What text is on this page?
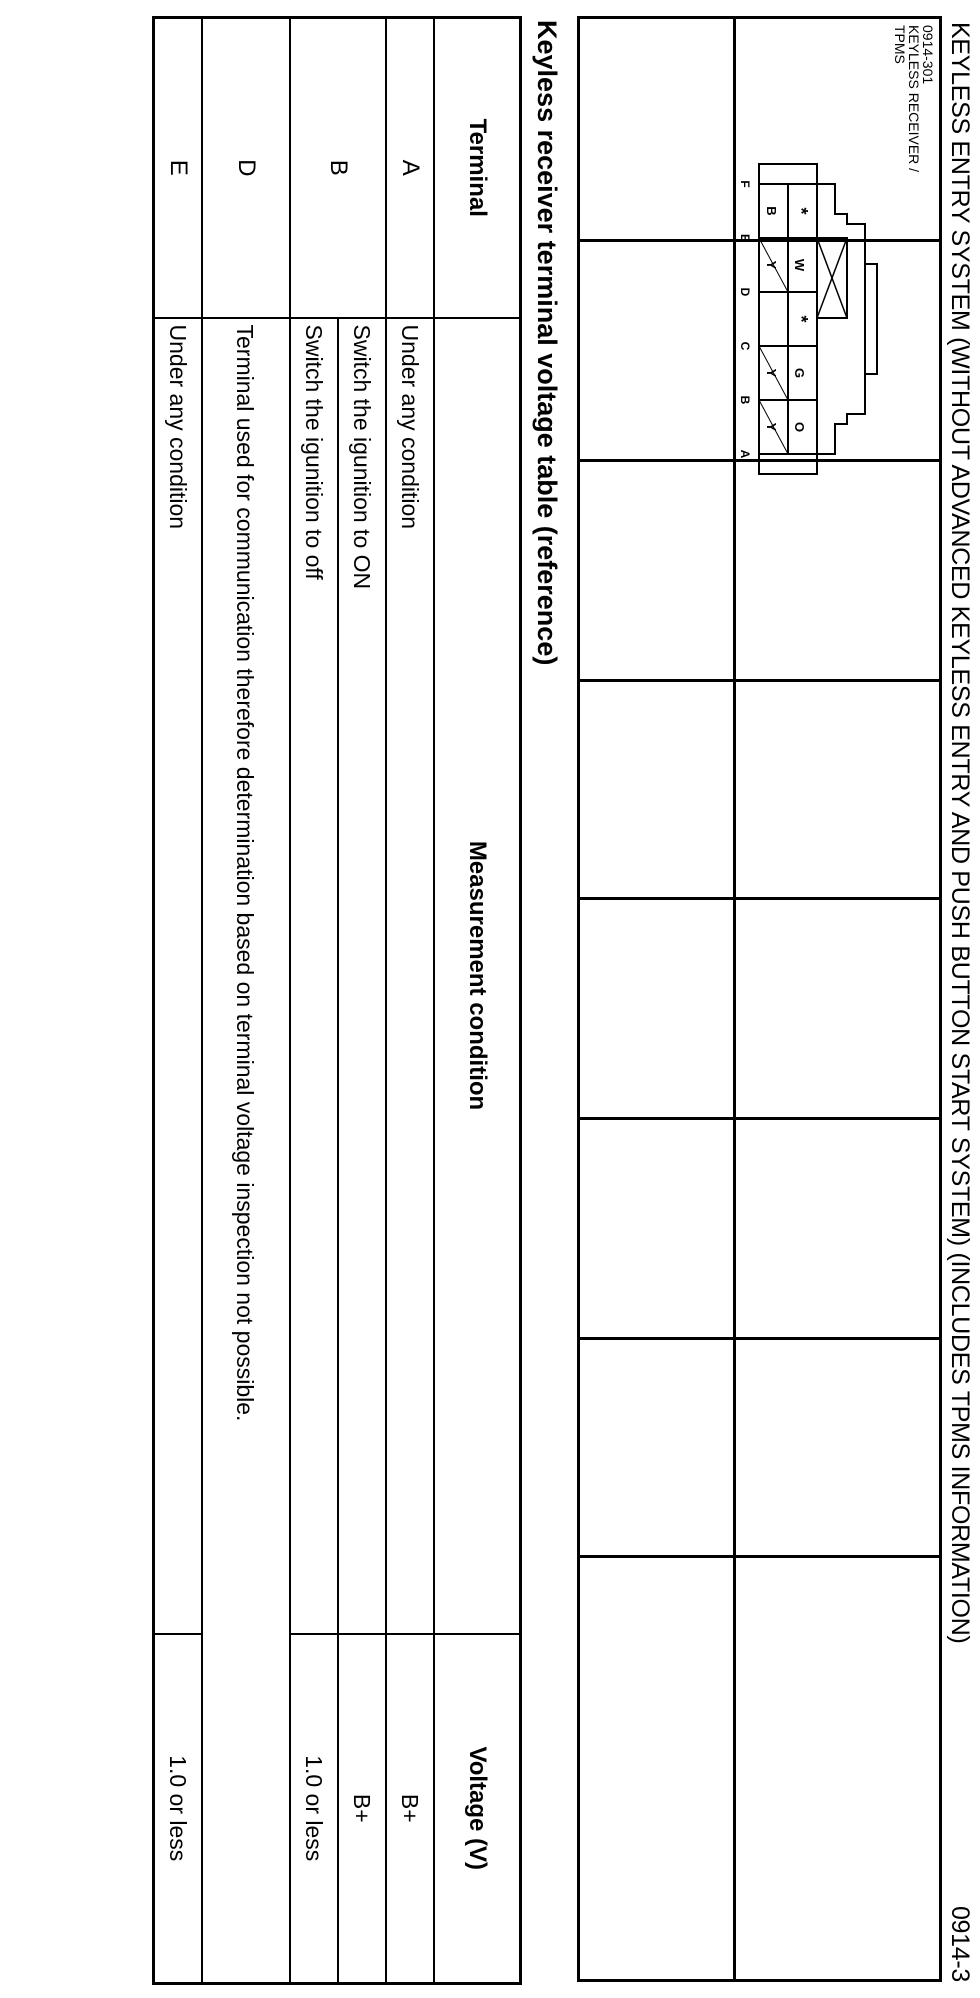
KEYLESS ENTRY SYSTEM (WITHOUT ADVANCED KEYLESS ENTRY AND PUSH BUTTON START SYSTEM) (INCLUDES TPMS INFORMATION)
0914-3
0914-301
KEYLESS RECEIVER /
TPMS
*
W
*
G
O
B
Y
Y
Y
F
E
D
C
B
A
Keyless receiver terminal voltage table (reference)
Terminal	Measurement condition	Voltage (V)
A	Under any condition	B+
B	Switch the igunition to ON	B+
	Switch the igunition to off	1.0 or less
D	Terminal used for communication therefore determination based on terminal voltage inspection not possible.	
E	Under any condition	1.0 or less
